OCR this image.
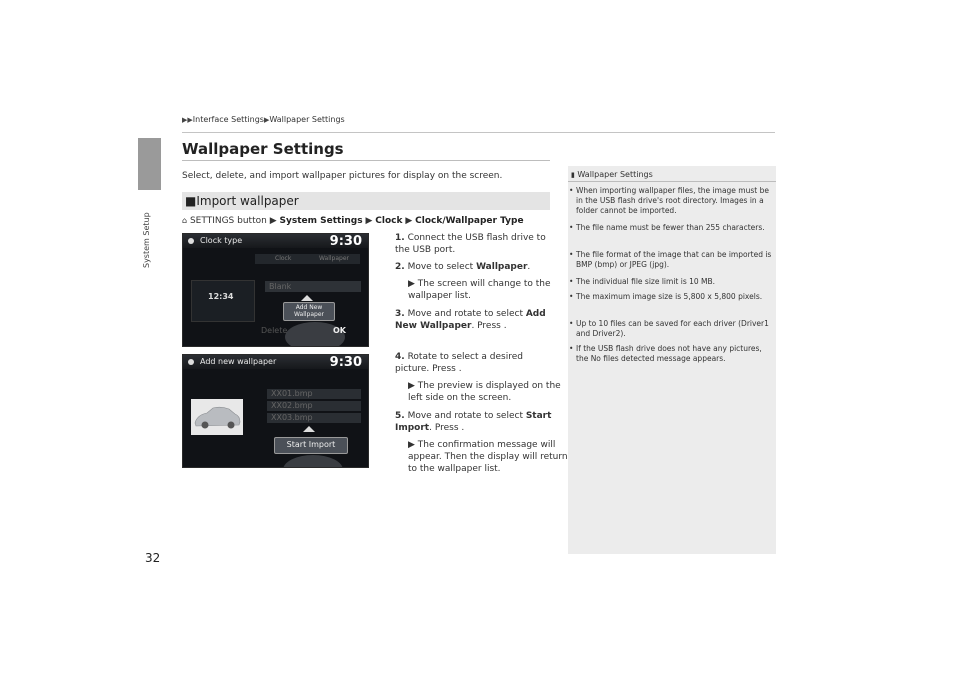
System Setup
▶▶Interface Settings▶Wallpaper Settings
Wallpaper Settings
Select, delete, and import wallpaper pictures for display on the screen.
■Import wallpaper
⌂ SETTINGS button ▶ System Settings ▶ Clock ▶ Clock/Wallpaper Type
Clock type	9:30
Clock	Wallpaper
Blank
12:34
Add New Wallpaper
Delete	OK
Add new wallpaper	9:30
XX01.bmp
XX02.bmp
XX03.bmp
Start Import
1. Connect the USB flash drive to the USB port.
2. Move to select Wallpaper.
▶ The screen will change to the wallpaper list.
3. Move and rotate to select Add New Wallpaper. Press .
4. Rotate to select a desired picture. Press .
▶ The preview is displayed on the left side on the screen.
5. Move and rotate to select Start Import. Press .
▶ The confirmation message will appear. Then the display will return to the wallpaper list.
▮ Wallpaper Settings
• When importing wallpaper files, the image must be in the USB flash drive's root directory. Images in a folder cannot be imported.
• The file name must be fewer than 255 characters.
• The file format of the image that can be imported is BMP (bmp) or JPEG (jpg).
• The individual file size limit is 10 MB.
• The maximum image size is 5,800 x 5,800 pixels.
• Up to 10 files can be saved for each driver (Driver1 and Driver2).
• If the USB flash drive does not have any pictures, the No files detected message appears.
32
